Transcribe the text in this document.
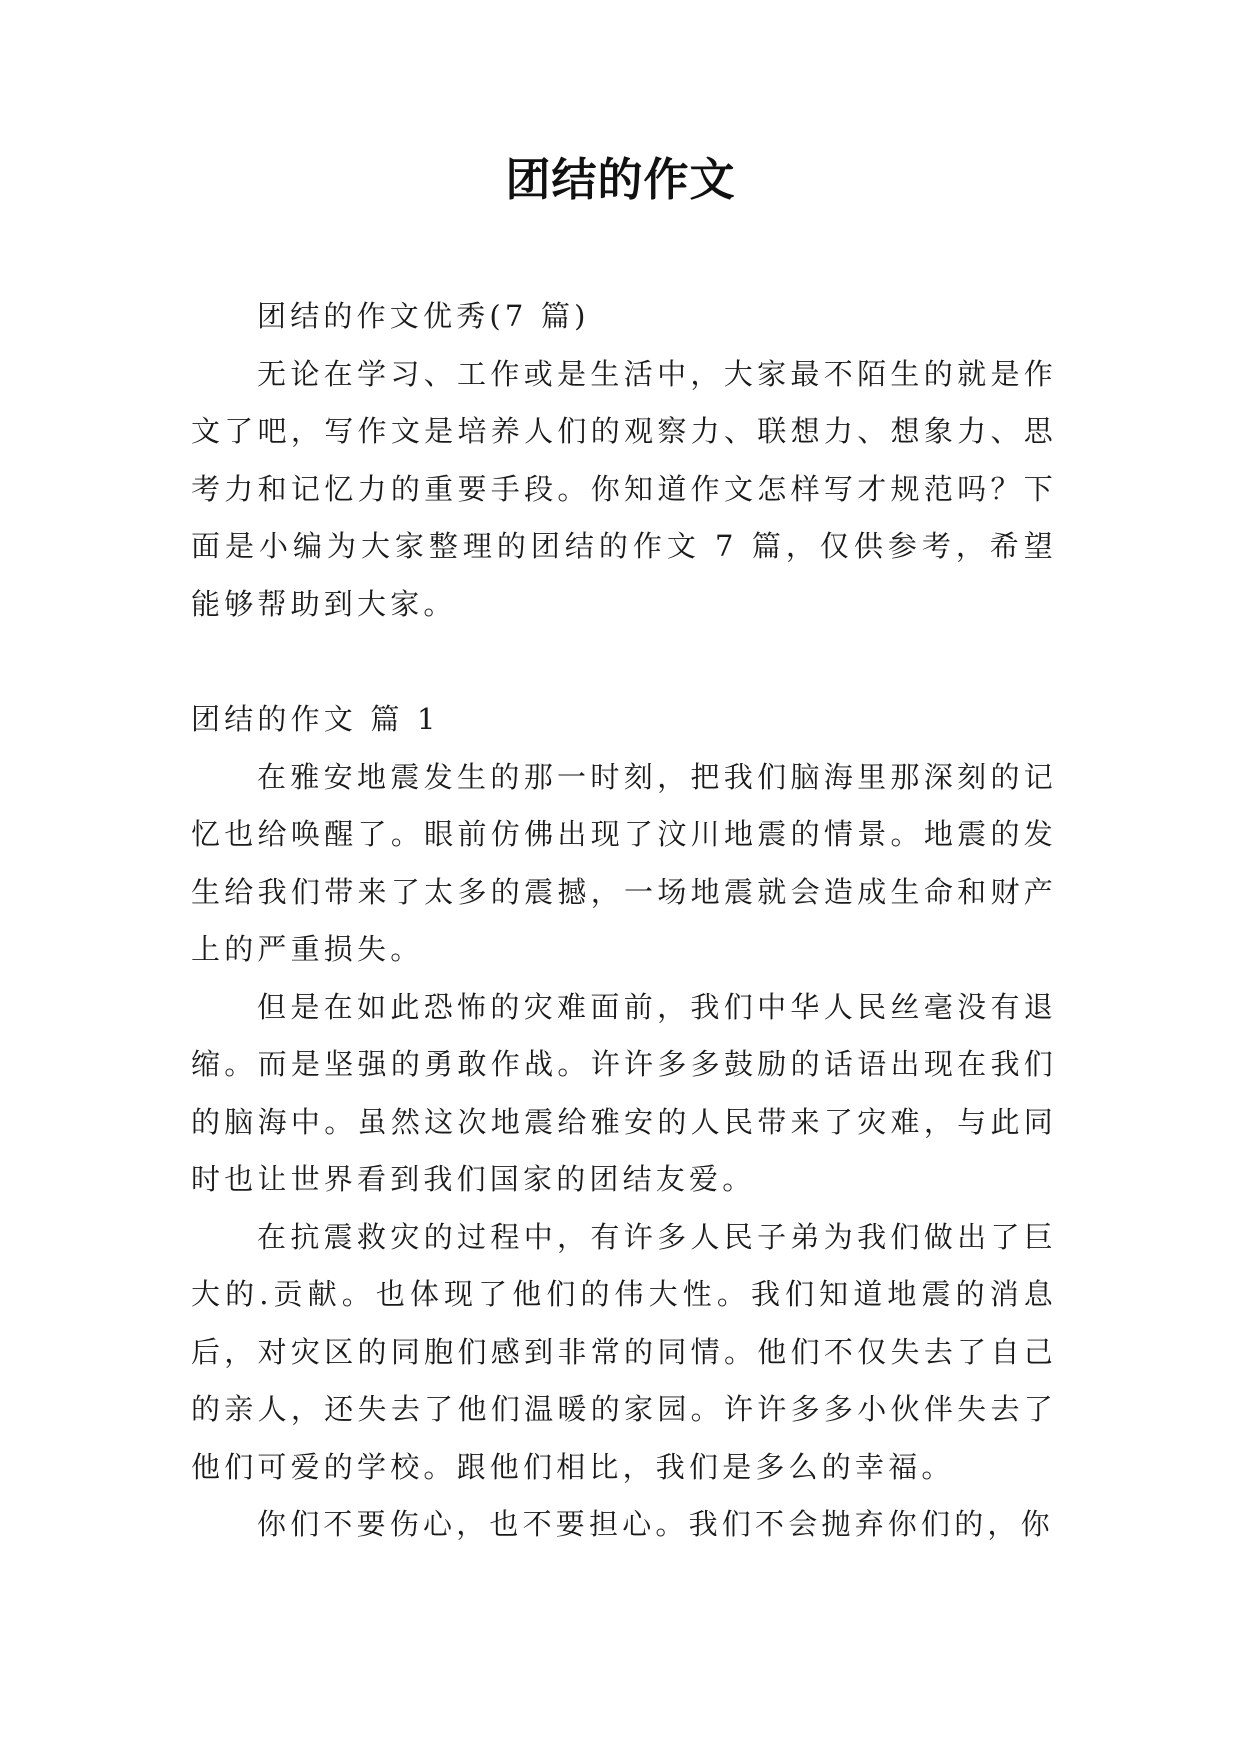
团结的作文

团结的作文优秀(7 篇)

无论在学习、工作或是生活中，大家最不陌生的就是作文了吧，写作文是培养人们的观察力、联想力、想象力、思考力和记忆力的重要手段。你知道作文怎样写才规范吗？下面是小编为大家整理的团结的作文 7 篇，仅供参考，希望能够帮助到大家。

团结的作文 篇 1

在雅安地震发生的那一时刻，把我们脑海里那深刻的记忆也给唤醒了。眼前仿佛出现了汶川地震的情景。地震的发生给我们带来了太多的震撼，一场地震就会造成生命和财产上的严重损失。

但是在如此恐怖的灾难面前，我们中华人民丝毫没有退缩。而是坚强的勇敢作战。许许多多鼓励的话语出现在我们的脑海中。虽然这次地震给雅安的人民带来了灾难，与此同时也让世界看到我们国家的团结友爱。

在抗震救灾的过程中，有许多人民子弟为我们做出了巨大的.贡献。也体现了他们的伟大性。我们知道地震的消息后，对灾区的同胞们感到非常的同情。他们不仅失去了自己的亲人，还失去了他们温暖的家园。许许多多小伙伴失去了他们可爱的学校。跟他们相比，我们是多么的幸福。

你们不要伤心，也不要担心。我们不会抛弃你们的，你
